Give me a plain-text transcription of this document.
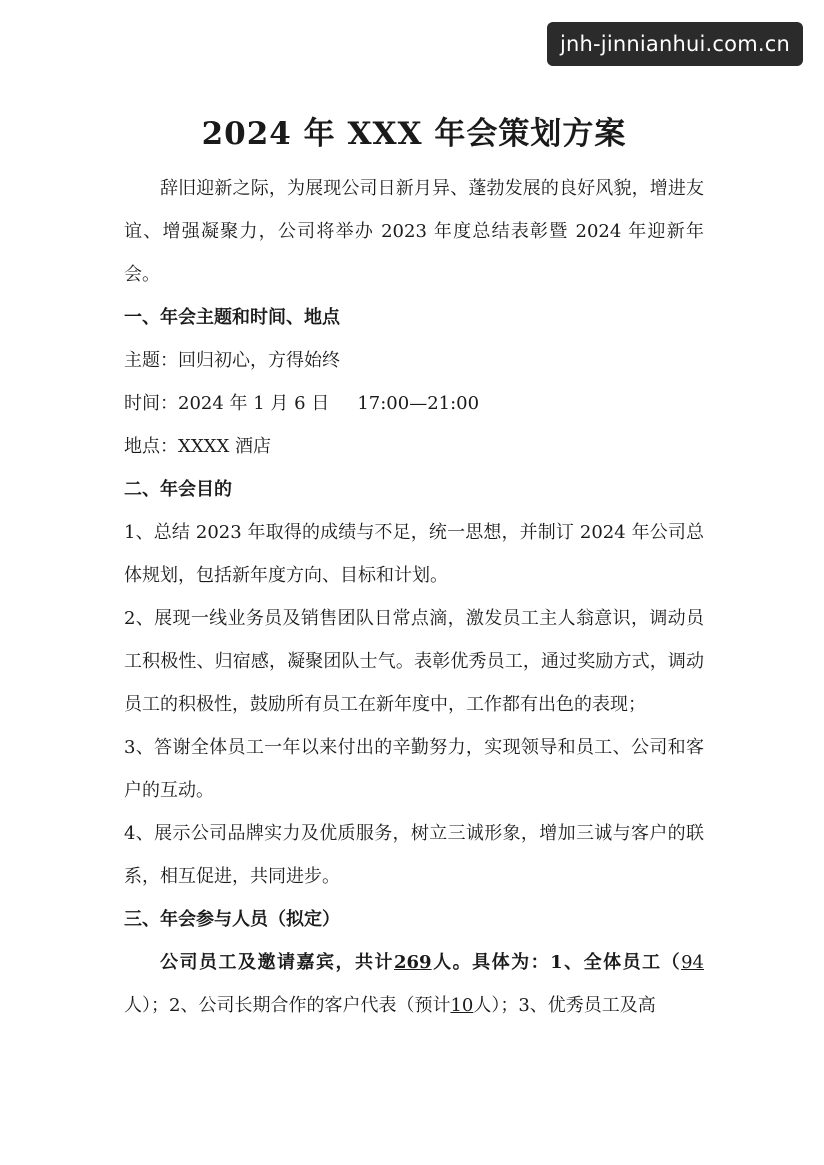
jnh-jinnianhui.com.cn
2024 年 XXX 年会策划方案

辞旧迎新之际，为展现公司日新月异、蓬勃发展的良好风貌，增进友谊、增强凝聚力，公司将举办 2023 年度总结表彰暨 2024 年迎新年会。

一、年会主题和时间、地点

主题：回归初心，方得始终

时间：2024 年 1 月 6 日 17:00—21:00

地点：XXXX 酒店

二、年会目的

1、总结 2023 年取得的成绩与不足，统一思想，并制订 2024 年公司总体规划，包括新年度方向、目标和计划。

2、展现一线业务员及销售团队日常点滴，激发员工主人翁意识，调动员工积极性、归宿感，凝聚团队士气。表彰优秀员工，通过奖励方式，调动员工的积极性，鼓励所有员工在新年度中，工作都有出色的表现；

3、答谢全体员工一年以来付出的辛勤努力，实现领导和员工、公司和客户的互动。

4、展示公司品牌实力及优质服务，树立三诚形象，增加三诚与客户的联系，相互促进，共同进步。

三、年会参与人员（拟定）

公司员工及邀请嘉宾，共计269人。具体为：1、全体员工（94人）；2、公司长期合作的客户代表（预计10人）；3、优秀员工及高
